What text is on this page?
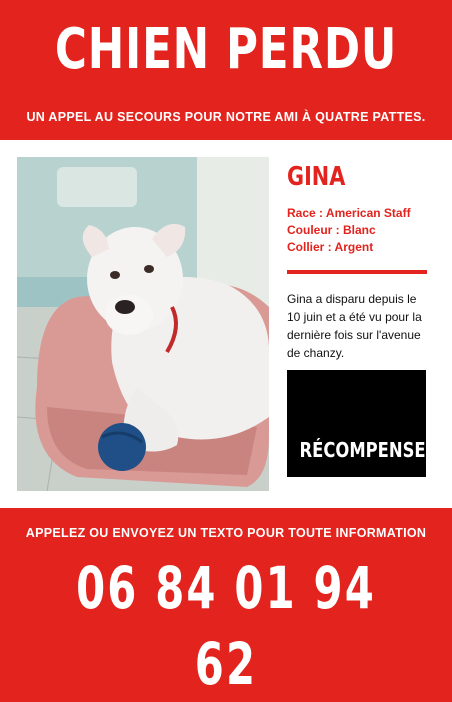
CHIEN PERDU
UN APPEL AU SECOURS POUR NOTRE AMI À QUATRE PATTES.
GINA
Race : American Staff
Couleur : Blanc
Collier : Argent
Gina a disparu depuis le 10 juin et a été vu pour la dernière fois sur l'avenue de chanzy.
RÉCOMPENSE
APPELEZ OU ENVOYEZ UN TEXTO POUR TOUTE INFORMATION
06 84 01 94 62
